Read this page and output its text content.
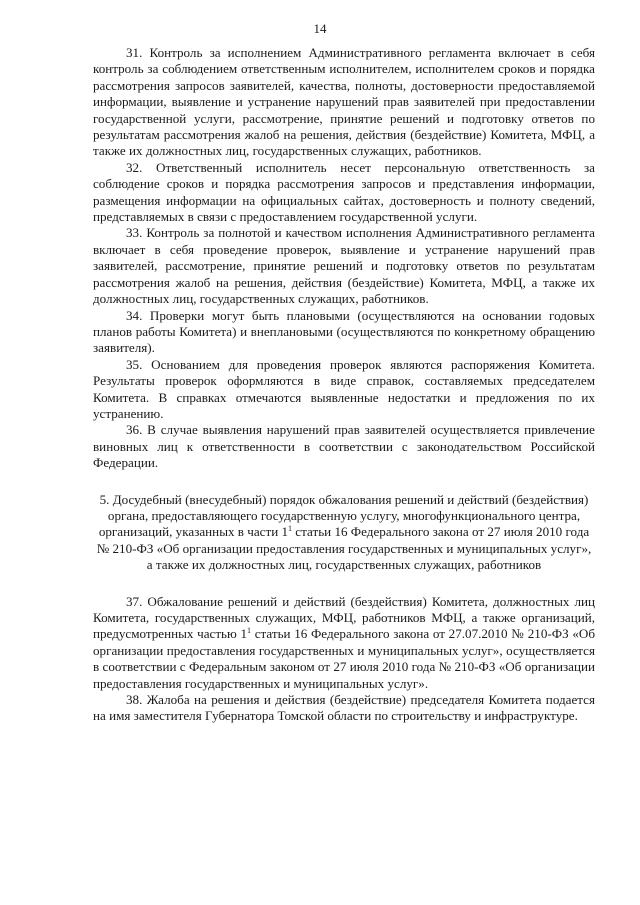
14

31. Контроль за исполнением Административного регламента включает в себя контроль за соблюдением ответственным исполнителем, исполнителем сроков и порядка рассмотрения запросов заявителей, качества, полноты, достоверности предоставляемой информации, выявление и устранение нарушений прав заявителей при предоставлении государственной услуги, рассмотрение, принятие решений и подготовку ответов по результатам рассмотрения жалоб на решения, действия (бездействие) Комитета, МФЦ, а также их должностных лиц, государственных служащих, работников.

32. Ответственный исполнитель несет персональную ответственность за соблюдение сроков и порядка рассмотрения запросов и представления информации, размещения информации на официальных сайтах, достоверность и полноту сведений, представляемых в связи с предоставлением государственной услуги.

33. Контроль за полнотой и качеством исполнения Административного регламента включает в себя проведение проверок, выявление и устранение нарушений прав заявителей, рассмотрение, принятие решений и подготовку ответов по результатам рассмотрения жалоб на решения, действия (бездействие) Комитета, МФЦ, а также их должностных лиц, государственных служащих, работников.

34. Проверки могут быть плановыми (осуществляются на основании годовых планов работы Комитета) и внеплановыми (осуществляются по конкретному обращению заявителя).

35. Основанием для проведения проверок являются распоряжения Комитета. Результаты проверок оформляются в виде справок, составляемых председателем Комитета. В справках отмечаются выявленные недостатки и предложения по их устранению.

36. В случае выявления нарушений прав заявителей осуществляется привлечение виновных лиц к ответственности в соответствии с законодательством Российской Федерации.

5. Досудебный (внесудебный) порядок обжалования решений и действий (бездействия) органа, предоставляющего государственную услугу, многофункционального центра, организаций, указанных в части $1^1$ статьи 16 Федерального закона от 27 июля 2010 года № 210-ФЗ «Об организации предоставления государственных и муниципальных услуг», а также их должностных лиц, государственных служащих, работников

37. Обжалование решений и действий (бездействия) Комитета, должностных лиц Комитета, государственных служащих, МФЦ, работников МФЦ, а также организаций, предусмотренных частью $1^1$ статьи 16 Федерального закона от 27.07.2010 № 210-ФЗ «Об организации предоставления государственных и муниципальных услуг», осуществляется в соответствии с Федеральным законом от 27 июля 2010 года № 210-ФЗ «Об организации предоставления государственных и муниципальных услуг».

38. Жалоба на решения и действия (бездействие) председателя Комитета подается на имя заместителя Губернатора Томской области по строительству и инфраструктуре.
